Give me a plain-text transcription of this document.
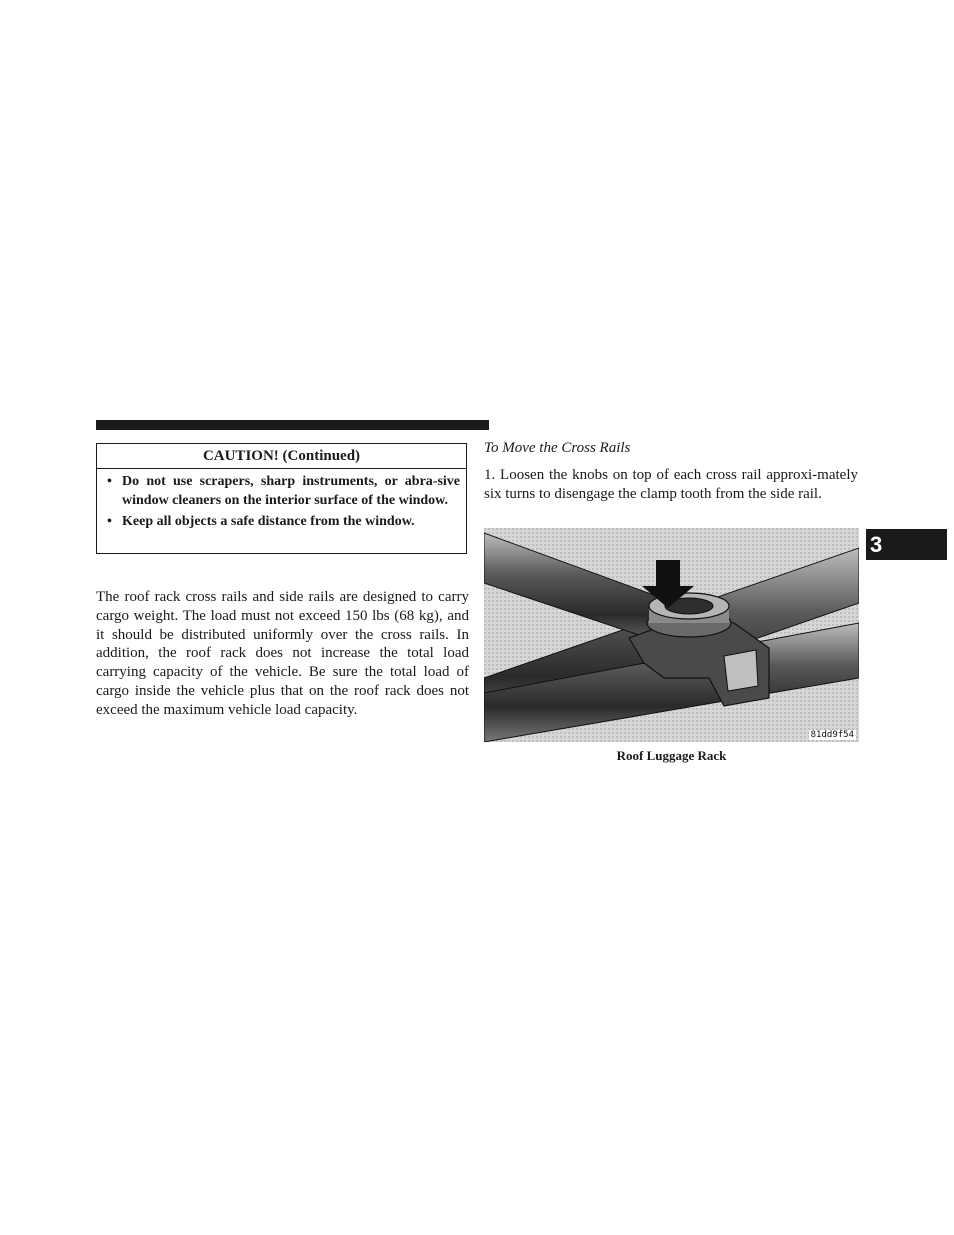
CAUTION! (Continued)
• Do not use scrapers, sharp instruments, or abra-sive window cleaners on the interior surface of the window.
• Keep all objects a safe distance from the window.

The roof rack cross rails and side rails are designed to carry cargo weight. The load must not exceed 150 lbs (68 kg), and it should be distributed uniformly over the cross rails. In addition, the roof rack does not increase the total load carrying capacity of the vehicle. Be sure the total load of cargo inside the vehicle plus that on the roof rack does not exceed the maximum vehicle load capacity.

To Move the Cross Rails

1. Loosen the knobs on top of each cross rail approxi-mately six turns to disengage the clamp tooth from the side rail.

81dd9f54

Roof Luggage Rack

3
